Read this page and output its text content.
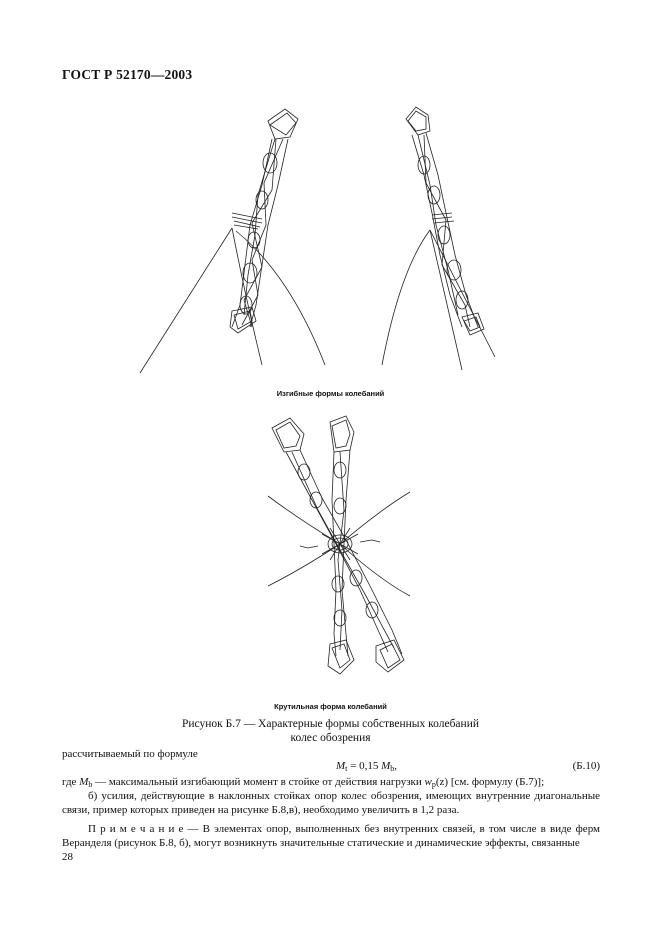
ГОСТ Р 52170—2003
Изгибные формы колебаний
Крутильная форма колебаний
Рисунок Б.7 — Характерные формы собственных колебаний
колес обозрения
рассчитываемый по формуле
$M_t = 0,15$ $M_b$,	(Б.10)
где $M_b$ — максимальный изгибающий момент в стойке от действия нагрузки $w_p(z)$ [см. формулу (Б.7)];
б) усилия, действующие в наклонных стойках опор колес обозрения, имеющих внутренние диагональные связи, пример которых приведен на рисунке Б.8,в), необходимо увеличить в 1,2 раза.
П р и м е ч а н и е — В элементах опор, выполненных без внутренних связей, в том числе в виде ферм Веранделя (рисунок Б.8, б), могут возникнуть значительные статические и динамические эффекты, связанные
28
